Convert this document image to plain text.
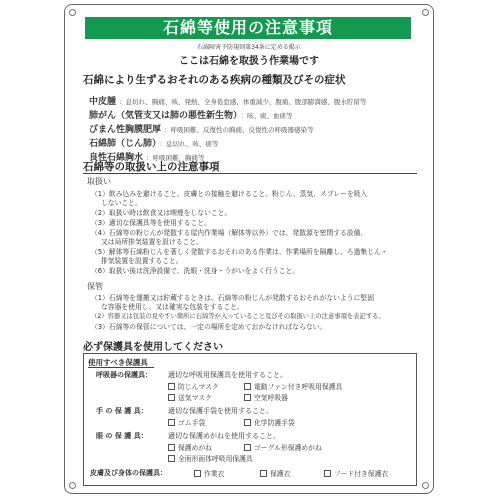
石綿等使用の注意事項
石綿障害予防規則第34条に定める掲示
ここは石綿を取扱う作業場です
石綿により生ずるおそれのある疾病の種類及びその症状
中皮腫 ：息切れ、胸痛、咳、発熱、全身倦怠感、体重減少、腹痛、腹部膨満感、腹水貯留等
肺がん（気管支又は肺の悪性新生物） ：咳、痰、血痰等
びまん性胸膜肥厚 ：呼吸困難、反復性の胸痛、反復性の呼吸器感染等
石綿肺（じん肺） ：息切れ、咳、痰等
良性石綿胸水 ：呼吸困難、胸痛等
石綿等の取扱い上の注意事項
取扱い
（1）飲み込みを避けること。皮膚との接触を避けること。粉じん、蒸気、スプレーを吸入
しないこと。
（2）取扱い時は飲食又は喫煙をしないこと。
（3）適切な保護具等を使用すること。
（4）石綿等の粉じんが発散する屋内作業場（解体等以外）では、発散源を密閉する設備、
又は局所排気装置を設けること。
（5）解体等石綿粉じんを著しく発散するおそれのある作業は、作業場所を隔離し、ろ過集じん・
排気装置を設置すること。
（6）取扱い後は洗浄設備で、洗眼・洗身・うがいをよく行うこと。
保管
（1）石綿等を運搬又は貯蔵するときは、石綿等の粉じんが発散するおそれがないように堅固
な容器を使用し、又は確実な包装をすること。
（2）容器又は包装の見やすい箇所に石綿等が入っていること及びその取扱い上の注意事項を表記する。
（3）石綿等の保管については、一定の場所を定めておかなければならない。
必ず保護具を使用してください
使用すべき保護具
呼吸器の保護具： 適切な呼吸用保護具を使用すること。
防じんマスク	電動ファン付き呼吸用保護具
送気マスク	空気呼吸器
手 の 保 護 具：	適切な保護手袋を使用すること。
ゴム手袋	化学防護手袋
眼 の 保 護 具：	適切な保護めがねを使用すること。
保護めがね	ゴーグル形保護めがね
全面形面体呼吸用保護具
皮膚及び身体の保護具：	作業衣	保護衣	フード付き保護衣
